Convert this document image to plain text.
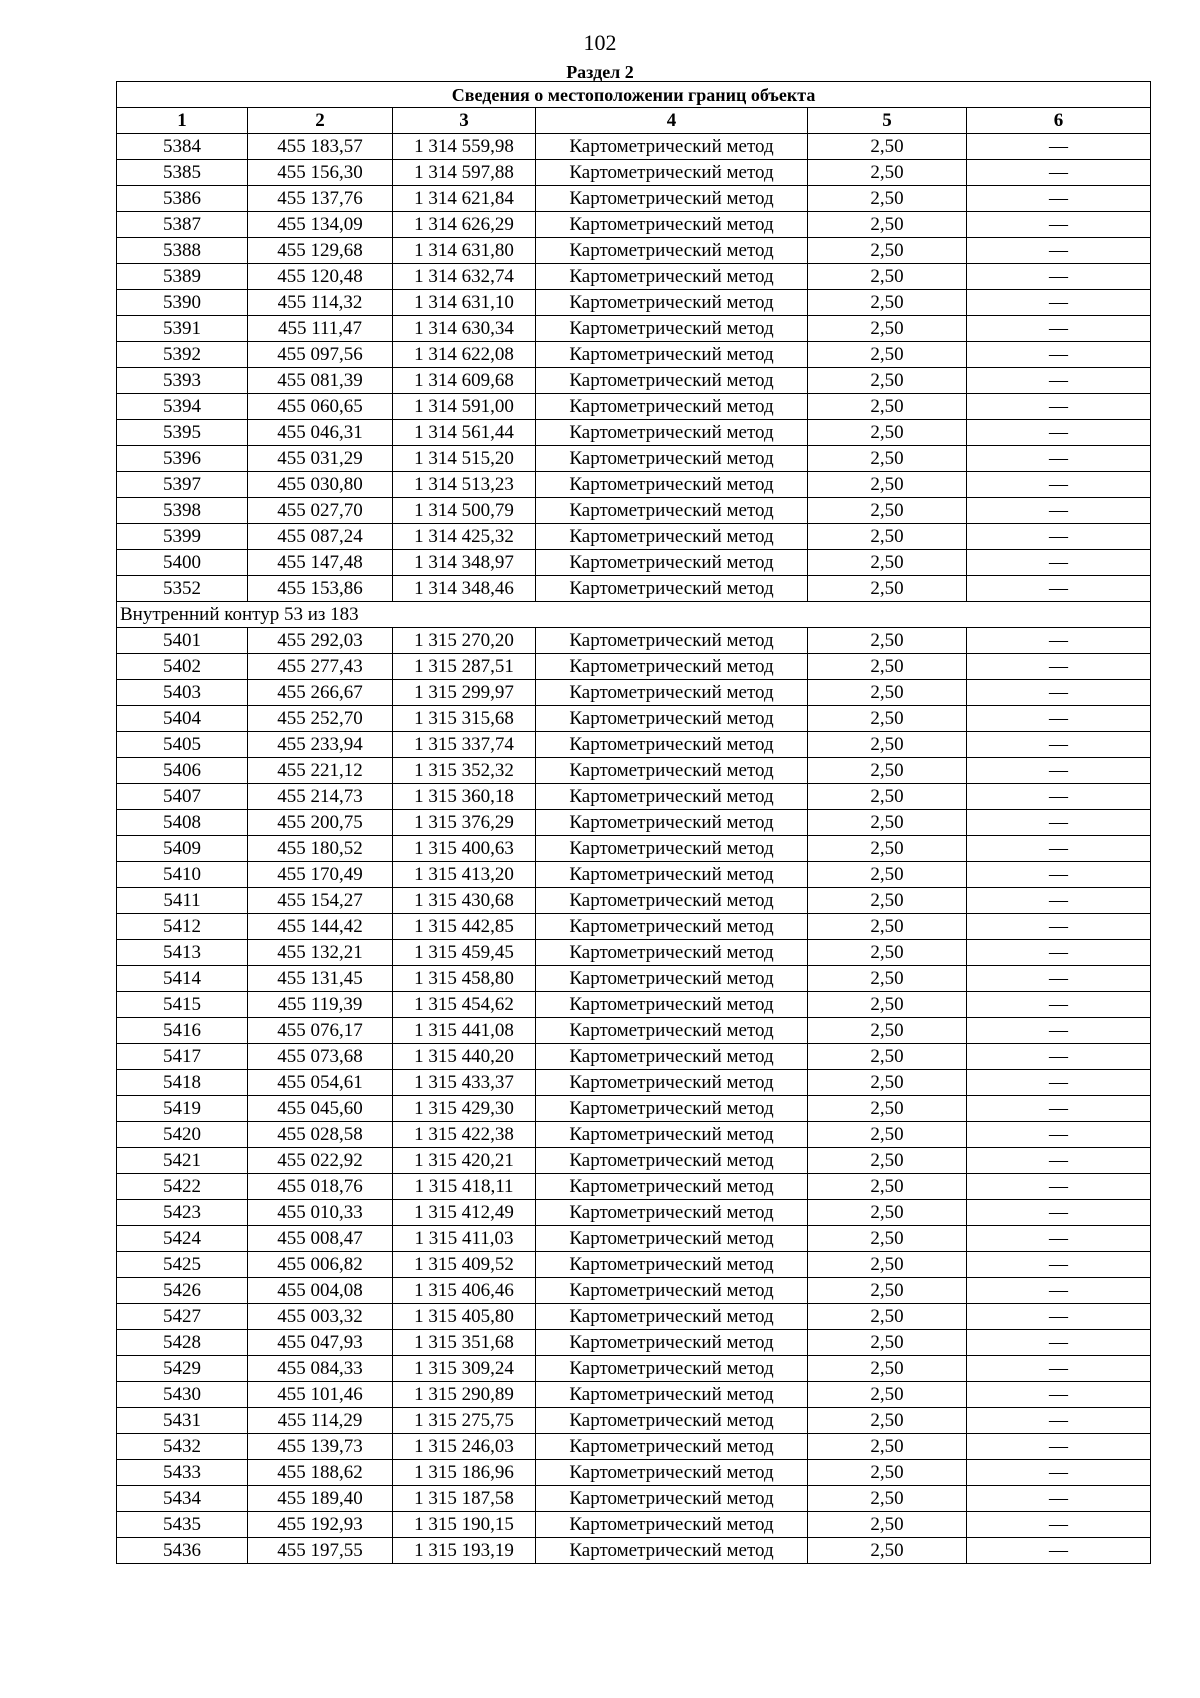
102
Раздел 2
Сведения о местоположении границ объекта					
1	2	3	4	5	6
5384	455 183,57	1 314 559,98	Картометрический метод	2,50	—
5385	455 156,30	1 314 597,88	Картометрический метод	2,50	—
5386	455 137,76	1 314 621,84	Картометрический метод	2,50	—
5387	455 134,09	1 314 626,29	Картометрический метод	2,50	—
5388	455 129,68	1 314 631,80	Картометрический метод	2,50	—
5389	455 120,48	1 314 632,74	Картометрический метод	2,50	—
5390	455 114,32	1 314 631,10	Картометрический метод	2,50	—
5391	455 111,47	1 314 630,34	Картометрический метод	2,50	—
5392	455 097,56	1 314 622,08	Картометрический метод	2,50	—
5393	455 081,39	1 314 609,68	Картометрический метод	2,50	—
5394	455 060,65	1 314 591,00	Картометрический метод	2,50	—
5395	455 046,31	1 314 561,44	Картометрический метод	2,50	—
5396	455 031,29	1 314 515,20	Картометрический метод	2,50	—
5397	455 030,80	1 314 513,23	Картометрический метод	2,50	—
5398	455 027,70	1 314 500,79	Картометрический метод	2,50	—
5399	455 087,24	1 314 425,32	Картометрический метод	2,50	—
5400	455 147,48	1 314 348,97	Картометрический метод	2,50	—
5352	455 153,86	1 314 348,46	Картометрический метод	2,50	—
Внутренний контур 53 из 183					
5401	455 292,03	1 315 270,20	Картометрический метод	2,50	—
5402	455 277,43	1 315 287,51	Картометрический метод	2,50	—
5403	455 266,67	1 315 299,97	Картометрический метод	2,50	—
5404	455 252,70	1 315 315,68	Картометрический метод	2,50	—
5405	455 233,94	1 315 337,74	Картометрический метод	2,50	—
5406	455 221,12	1 315 352,32	Картометрический метод	2,50	—
5407	455 214,73	1 315 360,18	Картометрический метод	2,50	—
5408	455 200,75	1 315 376,29	Картометрический метод	2,50	—
5409	455 180,52	1 315 400,63	Картометрический метод	2,50	—
5410	455 170,49	1 315 413,20	Картометрический метод	2,50	—
5411	455 154,27	1 315 430,68	Картометрический метод	2,50	—
5412	455 144,42	1 315 442,85	Картометрический метод	2,50	—
5413	455 132,21	1 315 459,45	Картометрический метод	2,50	—
5414	455 131,45	1 315 458,80	Картометрический метод	2,50	—
5415	455 119,39	1 315 454,62	Картометрический метод	2,50	—
5416	455 076,17	1 315 441,08	Картометрический метод	2,50	—
5417	455 073,68	1 315 440,20	Картометрический метод	2,50	—
5418	455 054,61	1 315 433,37	Картометрический метод	2,50	—
5419	455 045,60	1 315 429,30	Картометрический метод	2,50	—
5420	455 028,58	1 315 422,38	Картометрический метод	2,50	—
5421	455 022,92	1 315 420,21	Картометрический метод	2,50	—
5422	455 018,76	1 315 418,11	Картометрический метод	2,50	—
5423	455 010,33	1 315 412,49	Картометрический метод	2,50	—
5424	455 008,47	1 315 411,03	Картометрический метод	2,50	—
5425	455 006,82	1 315 409,52	Картометрический метод	2,50	—
5426	455 004,08	1 315 406,46	Картометрический метод	2,50	—
5427	455 003,32	1 315 405,80	Картометрический метод	2,50	—
5428	455 047,93	1 315 351,68	Картометрический метод	2,50	—
5429	455 084,33	1 315 309,24	Картометрический метод	2,50	—
5430	455 101,46	1 315 290,89	Картометрический метод	2,50	—
5431	455 114,29	1 315 275,75	Картометрический метод	2,50	—
5432	455 139,73	1 315 246,03	Картометрический метод	2,50	—
5433	455 188,62	1 315 186,96	Картометрический метод	2,50	—
5434	455 189,40	1 315 187,58	Картометрический метод	2,50	—
5435	455 192,93	1 315 190,15	Картометрический метод	2,50	—
5436	455 197,55	1 315 193,19	Картометрический метод	2,50	—
